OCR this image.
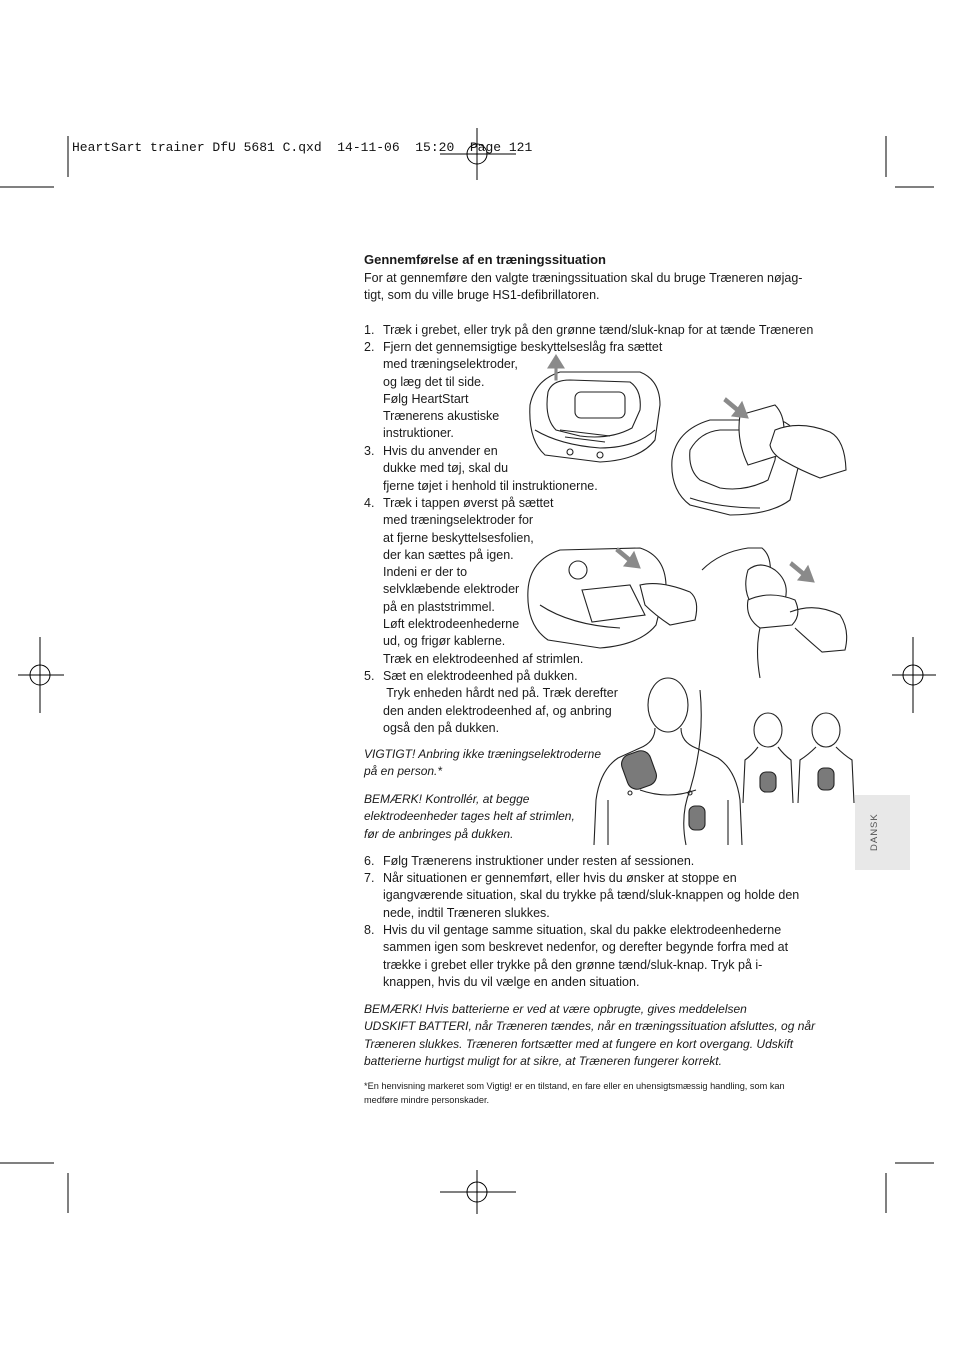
HeartSart trainer DfU 5681 C.qxd  14-11-06  15:20  Page 121
Gennemførelse af en træningssituation
For at gennemføre den valgte træningssituation skal du bruge Træneren nøjag-
tigt, som du ville bruge HS1-defibrillatoren.
1. Træk i grebet, eller tryk på den grønne tænd/sluk-knap for at tænde Træneren
2. Fjern det gennemsigtige beskyttelseslåg fra sættet
med træningselektroder,
og læg det til side.
Følg HeartStart
Trænerens akustiske
instruktioner.
3. Hvis du anvender en
dukke med tøj, skal du
fjerne tøjet i henhold til instruktionerne.
4. Træk i tappen øverst på sættet
med træningselektroder for
at fjerne beskyttelsesfolien,
der kan sættes på igen.
Indeni er der to
selvklæbende elektroder
på en plaststrimmel.
Løft elektrodeenhederne
ud, og frigør kablerne.
Træk en elektrodeenhed af strimlen.
5. Sæt en elektrodeenhed på dukken.
Tryk enheden hårdt ned på. Træk derefter
den anden elektrodeenhed af, og anbring
også den på dukken.
VIGTIGT! Anbring ikke træningselektroderne
på en person.*
BEMÆRK! Kontrollér, at begge
elektrodeenheder tages helt af strimlen,
før de anbringes på dukken.
6. Følg Trænerens instruktioner under resten af sessionen.
7. Når situationen er gennemført, eller hvis du ønsker at stoppe en
igangværende situation, skal du trykke på tænd/sluk-knappen og holde den
nede, indtil Træneren slukkes.
8. Hvis du vil gentage samme situation, skal du pakke elektrodeenhederne
sammen igen som beskrevet nedenfor, og derefter begynde forfra med at
trække i grebet eller trykke på den grønne tænd/sluk-knap. Tryk på i-
knappen, hvis du vil vælge en anden situation.
BEMÆRK! Hvis batterierne er ved at være opbrugte, gives meddelelsen
UDSKIFT BATTERI, når Træneren tændes, når en træningssituation afsluttes, og når
Træneren slukkes. Træneren fortsætter med at fungere en kort overgang. Udskift
batterierne hurtigst muligt for at sikre, at Træneren fungerer korrekt.
*En henvisning markeret som Vigtig! er en tilstand, en fare eller en uhensigtsmæssig handling, som kan
medføre mindre personskader.
DANSK
